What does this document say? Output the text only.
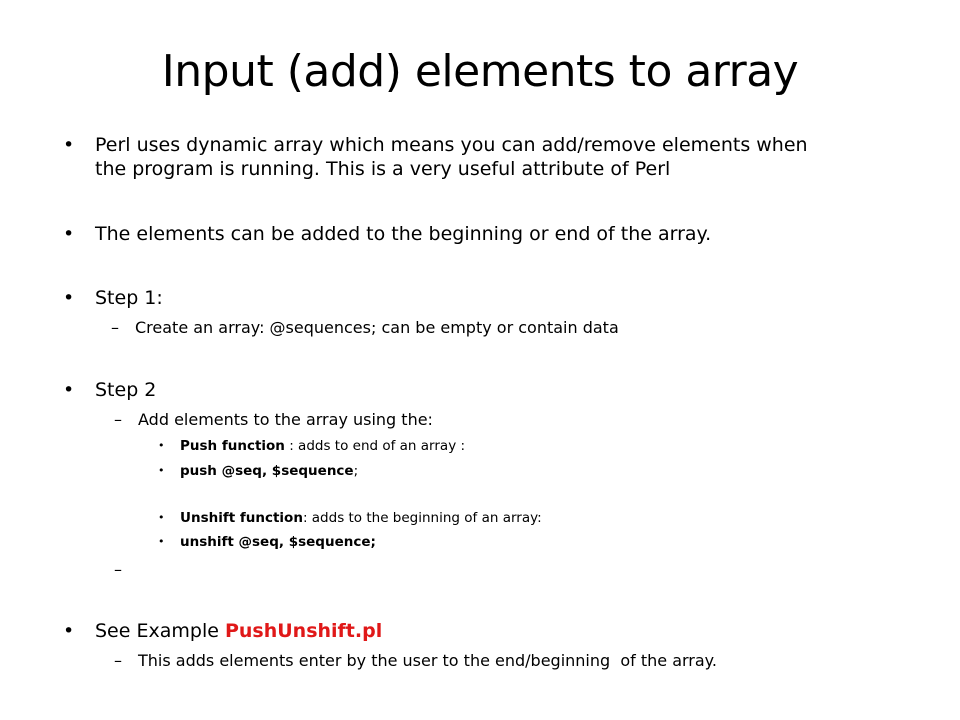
Input (add) elements to array
• Perl uses dynamic array which means you can add/remove elements when
the program is running. This is a very useful attribute of Perl
• The elements can be added to the beginning or end of the array.
• Step 1:
– Create an array: @sequences; can be empty or contain data
• Step 2
– Add elements to the array using the:
• Push function : adds to end of an array :
• push @seq, $sequence;
• Unshift function: adds to the beginning of an array:
• unshift @seq, $sequence;
–
• See Example PushUnshift.pl
– This adds elements enter by the user to the end/beginning  of the array.
